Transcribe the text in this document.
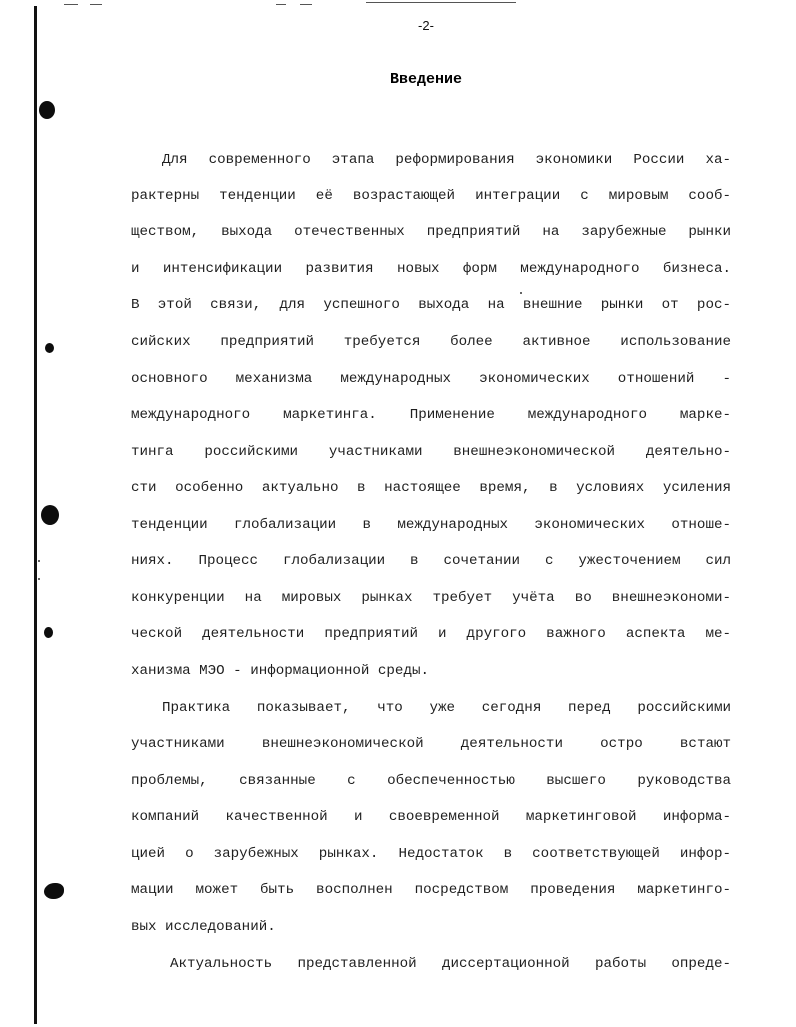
-2-
Введение
Для современного этапа реформирования экономики России ха-
рактерны тенденции её возрастающей интеграции с мировым сооб-
ществом, выхода отечественных предприятий на зарубежные рынки
и интенсификации развития новых форм международного бизнеса.
В этой связи, для успешного выхода на внешние рынки от рос-
сийских предприятий требуется более активное использование
основного механизма международных экономических отношений -
международного маркетинга. Применение международного марке-
тинга российскими участниками внешнеэкономической деятельно-
сти особенно актуально в настоящее время, в условиях усиления
тенденции глобализации в международных экономических отноше-
ниях. Процесс глобализации в сочетании с ужесточением сил
конкуренции на мировых рынках требует учёта во внешнеэкономи-
ческой деятельности предприятий и другого важного аспекта ме-
ханизма МЭО - информационной среды.
Практика показывает, что уже сегодня перед российскими
участниками внешнеэкономической деятельности остро встают
проблемы, связанные с обеспеченностью высшего руководства
компаний качественной и своевременной маркетинговой информа-
цией о зарубежных рынках. Недостаток в соответствующей инфор-
мации может быть восполнен посредством проведения маркетинго-
вых исследований.
Актуальность представленной диссертационной работы опреде-
